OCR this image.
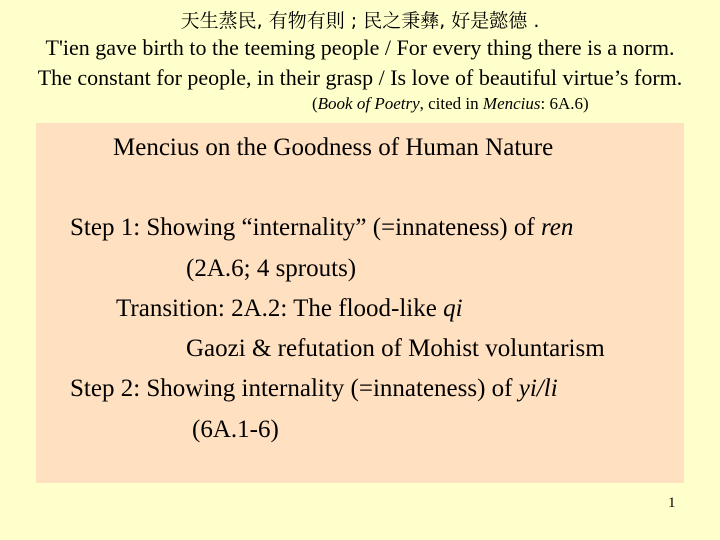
天生蒸民, 有物有則 ; 民之秉彝, 好是懿德 .
T'ien gave birth to the teeming people / For every thing there is a norm.
The constant for people, in their grasp / Is love of beautiful virtue’s form.
(Book of Poetry, cited in Mencius: 6A.6)
Mencius on the Goodness of Human Nature
Step 1: Showing “internality” (=innateness) of ren
(2A.6; 4 sprouts)
Transition: 2A.2: The flood-like qi
Gaozi & refutation of Mohist voluntarism
Step 2: Showing internality (=innateness) of yi/li
(6A.1-6)
1
